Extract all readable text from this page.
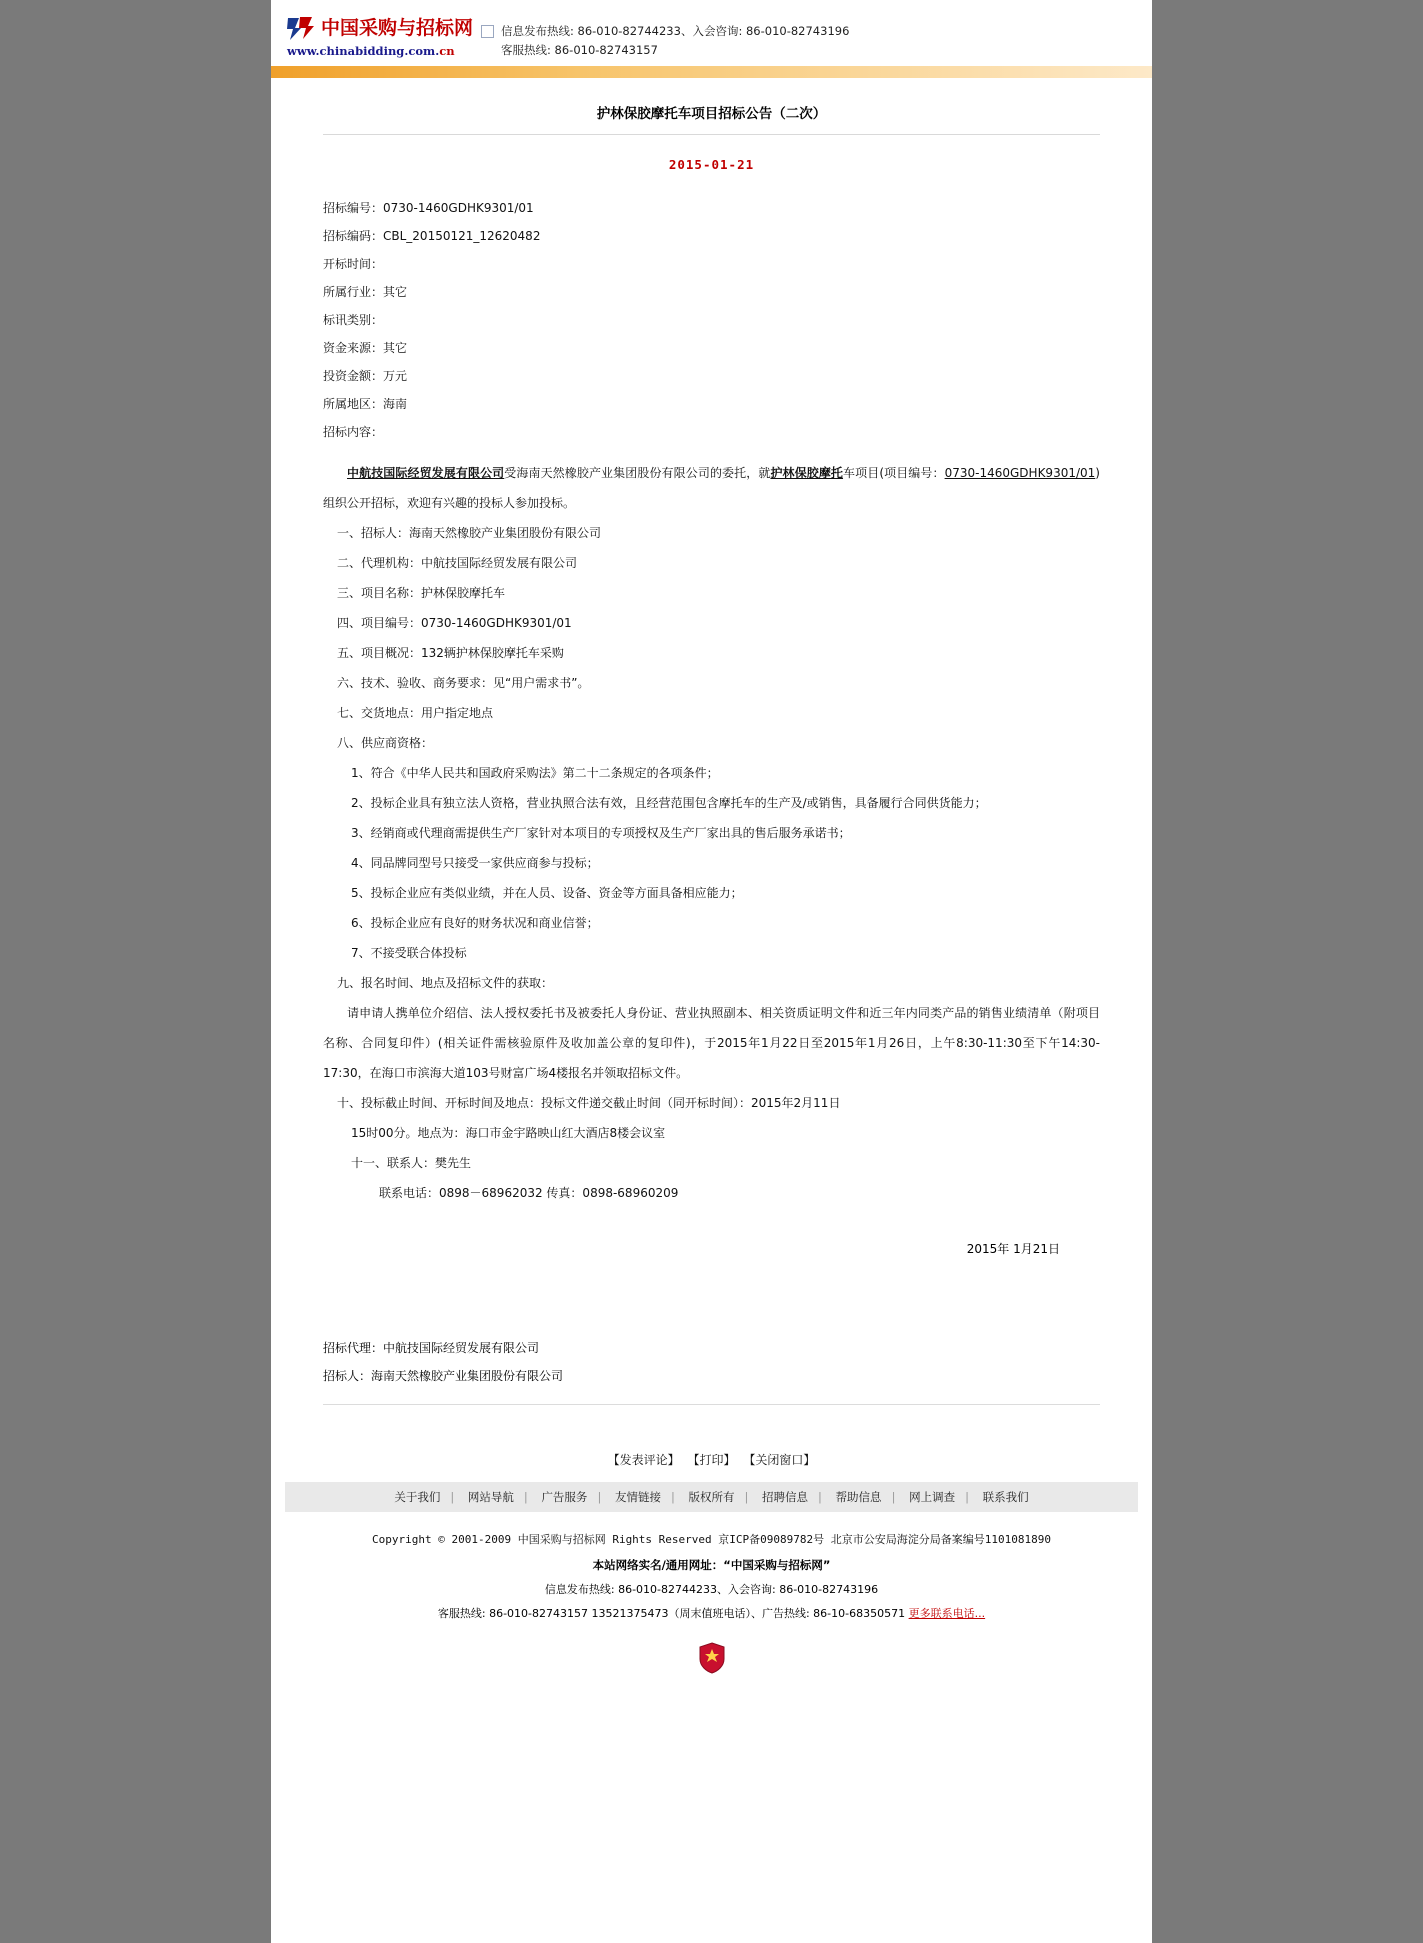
中国采购与招标网
www.chinabidding.com.cn
信息发布热线: 86-010-82744233、入会咨询: 86-010-82743196
客服热线: 86-010-82743157
护林保胶摩托车项目招标公告（二次）
2015-01-21
招标编号：0730-1460GDHK9301/01
招标编码：CBL_20150121_12620482
开标时间：
所属行业：其它
标讯类别：
资金来源：其它
投资金额：万元
所属地区：海南
招标内容：
中航技国际经贸发展有限公司受海南天然橡胶产业集团股份有限公司的委托，就护林保胶摩托车项目(项目编号：0730-1460GDHK9301/01)组织公开招标，欢迎有兴趣的投标人参加投标。
一、招标人：海南天然橡胶产业集团股份有限公司
二、代理机构：中航技国际经贸发展有限公司
三、项目名称：护林保胶摩托车
四、项目编号：0730-1460GDHK9301/01
五、项目概况：132辆护林保胶摩托车采购
六、技术、验收、商务要求：见“用户需求书”。
七、交货地点：用户指定地点
八、供应商资格：
1、符合《中华人民共和国政府采购法》第二十二条规定的各项条件；
2、投标企业具有独立法人资格，营业执照合法有效，且经营范围包含摩托车的生产及/或销售，具备履行合同供货能力；
3、经销商或代理商需提供生产厂家针对本项目的专项授权及生产厂家出具的售后服务承诺书；
4、同品牌同型号只接受一家供应商参与投标；
5、投标企业应有类似业绩，并在人员、设备、资金等方面具备相应能力；
6、投标企业应有良好的财务状况和商业信誉；
7、不接受联合体投标
九、报名时间、地点及招标文件的获取：
请申请人携单位介绍信、法人授权委托书及被委托人身份证、营业执照副本、相关资质证明文件和近三年内同类产品的销售业绩清单（附项目名称、合同复印件）(相关证件需核验原件及收加盖公章的复印件)，于2015年1月22日至2015年1月26日，上午8:30-11:30至下午14:30-17:30，在海口市滨海大道103号财富广场4楼报名并领取招标文件。
十、投标截止时间、开标时间及地点：投标文件递交截止时间（同开标时间）：2015年2月11日
15时00分。地点为：海口市金宇路映山红大酒店8楼会议室
十一、联系人：樊先生
联系电话：0898－68962032 传真：0898-68960209
2015年 1月21日
招标代理：中航技国际经贸发展有限公司
招标人：海南天然橡胶产业集团股份有限公司
【发表评论】 【打印】 【关闭窗口】
关于我们 | 网站导航 | 广告服务 | 友情链接 | 版权所有 | 招聘信息 | 帮助信息 | 网上调查 | 联系我们
Copyright © 2001-2009 中国采购与招标网 Rights Reserved 京ICP备09089782号 北京市公安局海淀分局备案编号1101081890
本站网络实名/通用网址：“中国采购与招标网”
信息发布热线: 86-010-82744233、入会咨询: 86-010-82743196
客服热线: 86-010-82743157 13521375473（周末值班电话）、广告热线: 86-10-68350571 更多联系电话...
